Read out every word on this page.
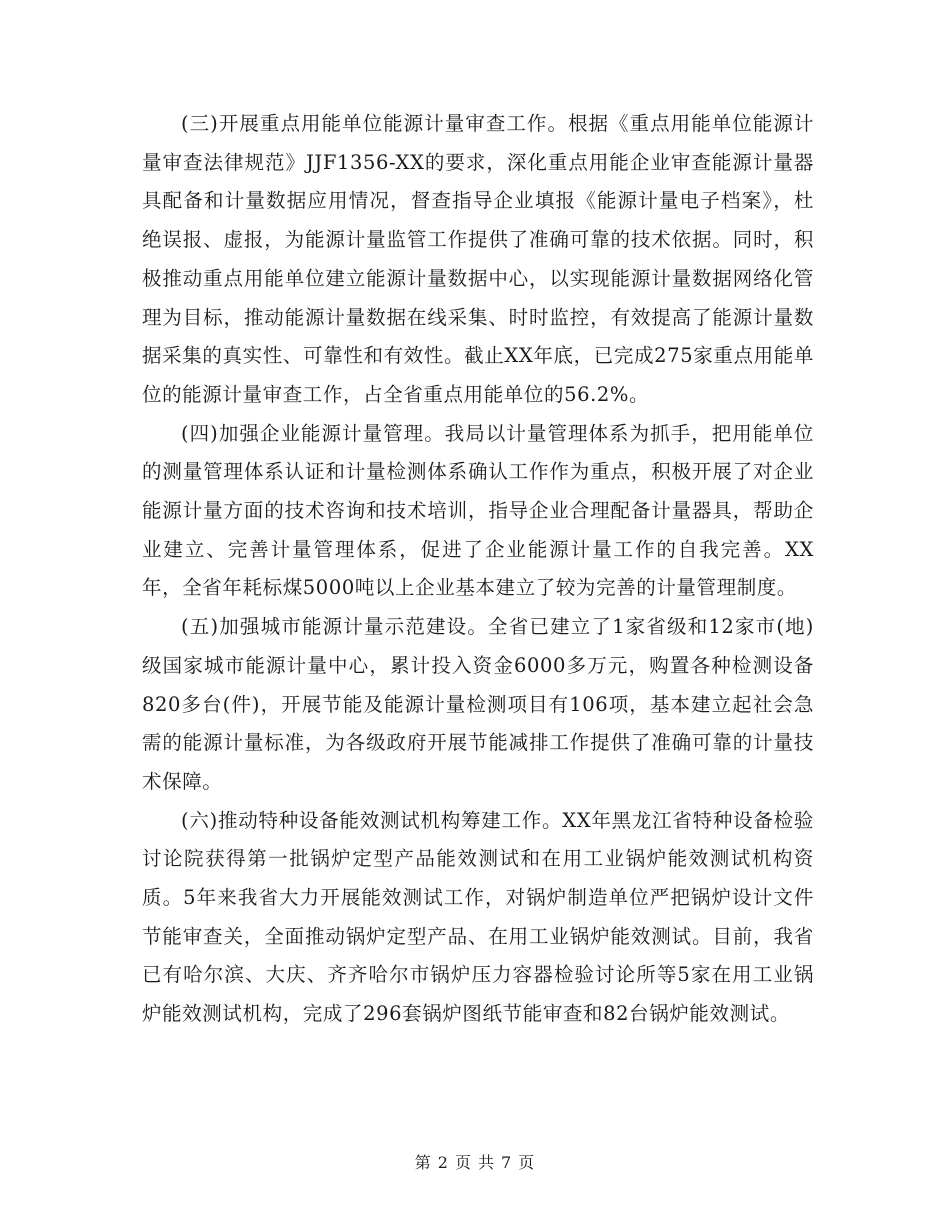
(三)开展重点用能单位能源计量审查工作。根据《重点用能单位能源计量审查法律规范》JJF1356-XX的要求，深化重点用能企业审查能源计量器具配备和计量数据应用情况，督查指导企业填报《能源计量电子档案》，杜绝误报、虚报，为能源计量监管工作提供了准确可靠的技术依据。同时，积极推动重点用能单位建立能源计量数据中心，以实现能源计量数据网络化管理为目标，推动能源计量数据在线采集、时时监控，有效提高了能源计量数据采集的真实性、可靠性和有效性。截止XX年底，已完成275家重点用能单位的能源计量审查工作，占全省重点用能单位的56.2%。

(四)加强企业能源计量管理。我局以计量管理体系为抓手，把用能单位的测量管理体系认证和计量检测体系确认工作作为重点，积极开展了对企业能源计量方面的技术咨询和技术培训，指导企业合理配备计量器具，帮助企业建立、完善计量管理体系，促进了企业能源计量工作的自我完善。XX年，全省年耗标煤5000吨以上企业基本建立了较为完善的计量管理制度。

(五)加强城市能源计量示范建设。全省已建立了1家省级和12家市(地)级国家城市能源计量中心，累计投入资金6000多万元，购置各种检测设备820多台(件)，开展节能及能源计量检测项目有106项，基本建立起社会急需的能源计量标准，为各级政府开展节能减排工作提供了准确可靠的计量技术保障。

(六)推动特种设备能效测试机构筹建工作。XX年黑龙江省特种设备检验讨论院获得第一批锅炉定型产品能效测试和在用工业锅炉能效测试机构资质。5年来我省大力开展能效测试工作，对锅炉制造单位严把锅炉设计文件节能审查关，全面推动锅炉定型产品、在用工业锅炉能效测试。目前，我省已有哈尔滨、大庆、齐齐哈尔市锅炉压力容器检验讨论所等5家在用工业锅炉能效测试机构，完成了296套锅炉图纸节能审查和82台锅炉能效测试。

第 2 页 共 7 页
